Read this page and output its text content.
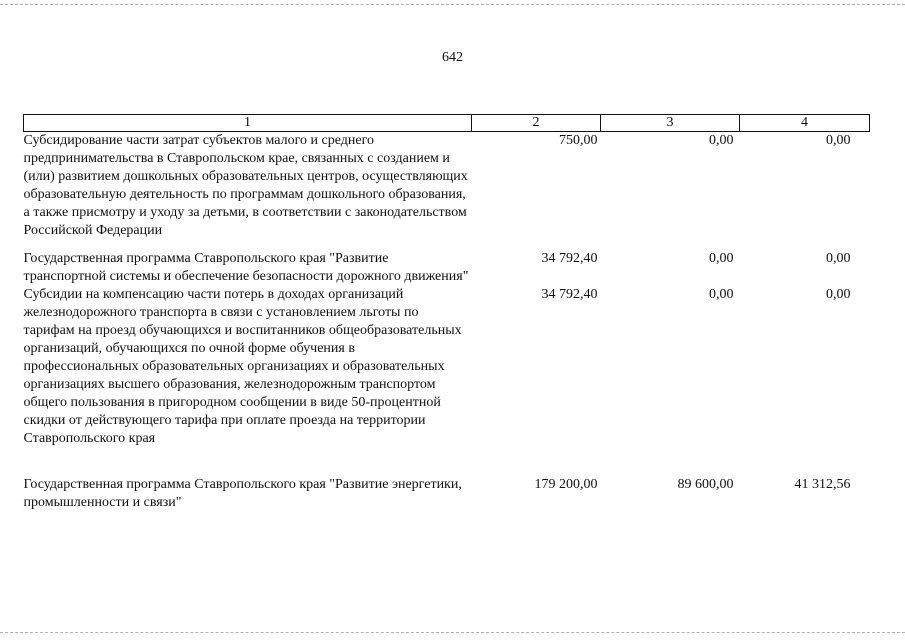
642
1	2	3	4
Субсидирование части затрат субъектов малого и среднего предпринимательства в Ставропольском крае, связанных с созданием и (или) развитием дошкольных образовательных центров, осуществляющих образовательную деятельность по программам дошкольного образования, а также присмотру и уходу за детьми, в соответствии с законодательством Российской Федерации	750,00	0,00	0,00
Государственная программа Ставропольского края "Развитие транспортной системы и обеспечение безопасности дорожного движения"	34 792,40	0,00	0,00
Субсидии на компенсацию части потерь в доходах организаций железнодорожного транспорта в связи с установлением льготы по тарифам на проезд обучающихся и воспитанников общеобразовательных организаций, обучающихся по очной форме обучения в профессиональных образовательных организациях и образовательных организациях высшего образования, железнодорожным транспортом общего пользования в пригородном сообщении в виде 50-процентной скидки от действующего тарифа при оплате проезда на территории Ставропольского края	34 792,40	0,00	0,00
Государственная программа Ставропольского края "Развитие энергетики, промышленности и связи"	179 200,00	89 600,00	41 312,56
